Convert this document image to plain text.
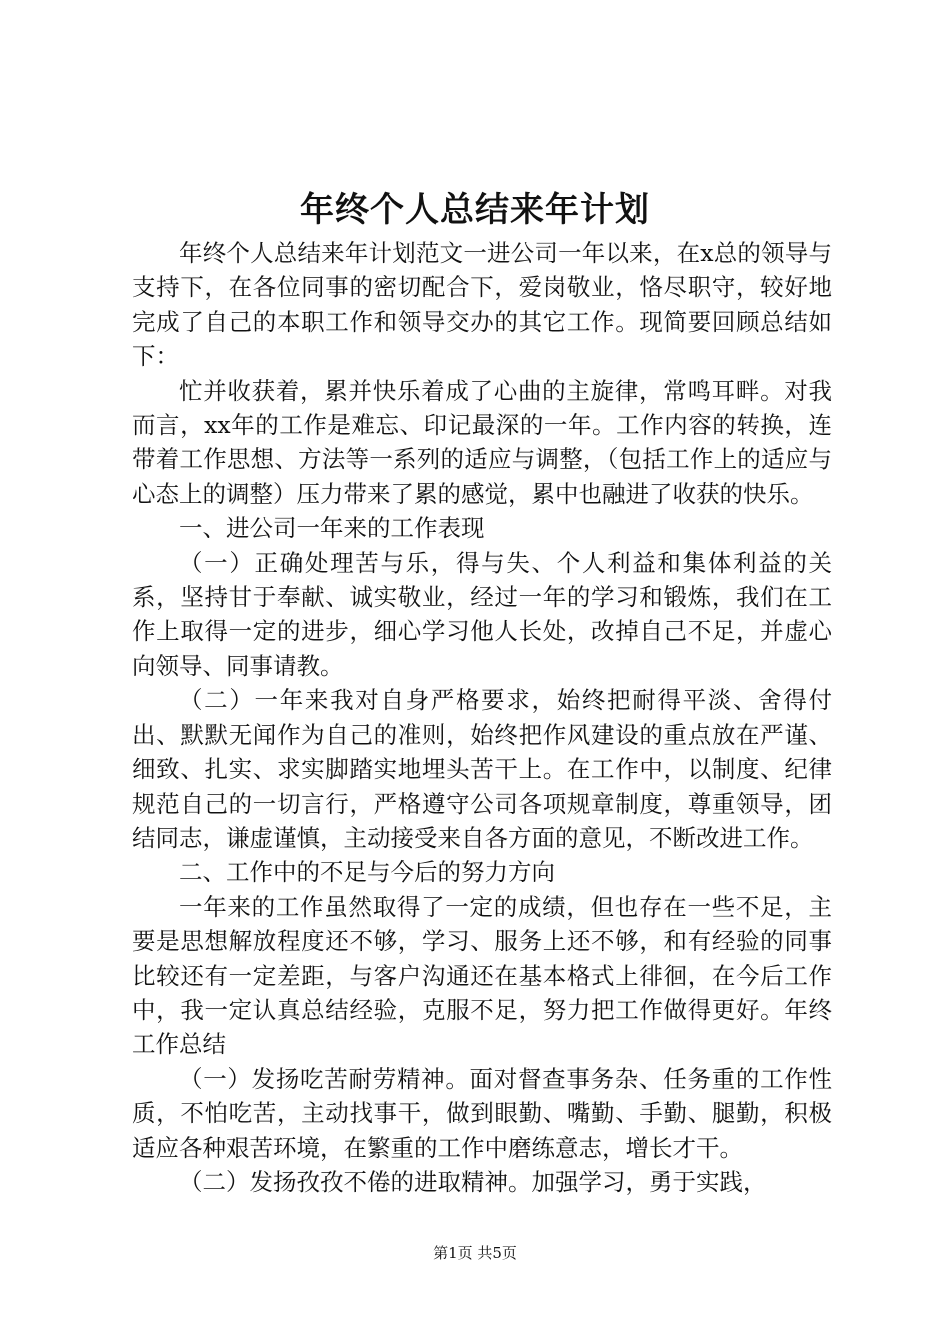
年终个人总结来年计划

年终个人总结来年计划范文一进公司一年以来，在x总的领导与支持下，在各位同事的密切配合下，爱岗敬业，恪尽职守，较好地完成了自己的本职工作和领导交办的其它工作。现简要回顾总结如下：

忙并收获着，累并快乐着成了心曲的主旋律，常鸣耳畔。对我而言，xx年的工作是难忘、印记最深的一年。工作内容的转换，连带着工作思想、方法等一系列的适应与调整，（包括工作上的适应与心态上的调整）压力带来了累的感觉，累中也融进了收获的快乐。

一、进公司一年来的工作表现

（一）正确处理苦与乐，得与失、个人利益和集体利益的关系，坚持甘于奉献、诚实敬业，经过一年的学习和锻炼，我们在工作上取得一定的进步，细心学习他人长处，改掉自己不足，并虚心向领导、同事请教。

（二）一年来我对自身严格要求，始终把耐得平淡、舍得付出、默默无闻作为自己的准则，始终把作风建设的重点放在严谨、细致、扎实、求实脚踏实地埋头苦干上。在工作中，以制度、纪律规范自己的一切言行，严格遵守公司各项规章制度，尊重领导，团结同志，谦虚谨慎，主动接受来自各方面的意见，不断改进工作。

二、工作中的不足与今后的努力方向

一年来的工作虽然取得了一定的成绩，但也存在一些不足，主要是思想解放程度还不够，学习、服务上还不够，和有经验的同事比较还有一定差距，与客户沟通还在基本格式上徘徊，在今后工作中，我一定认真总结经验，克服不足，努力把工作做得更好。年终工作总结

（一）发扬吃苦耐劳精神。面对督查事务杂、任务重的工作性质，不怕吃苦，主动找事干，做到眼勤、嘴勤、手勤、腿勤，积极适应各种艰苦环境，在繁重的工作中磨练意志，增长才干。

（二）发扬孜孜不倦的进取精神。加强学习，勇于实践，

第1页 共5页
